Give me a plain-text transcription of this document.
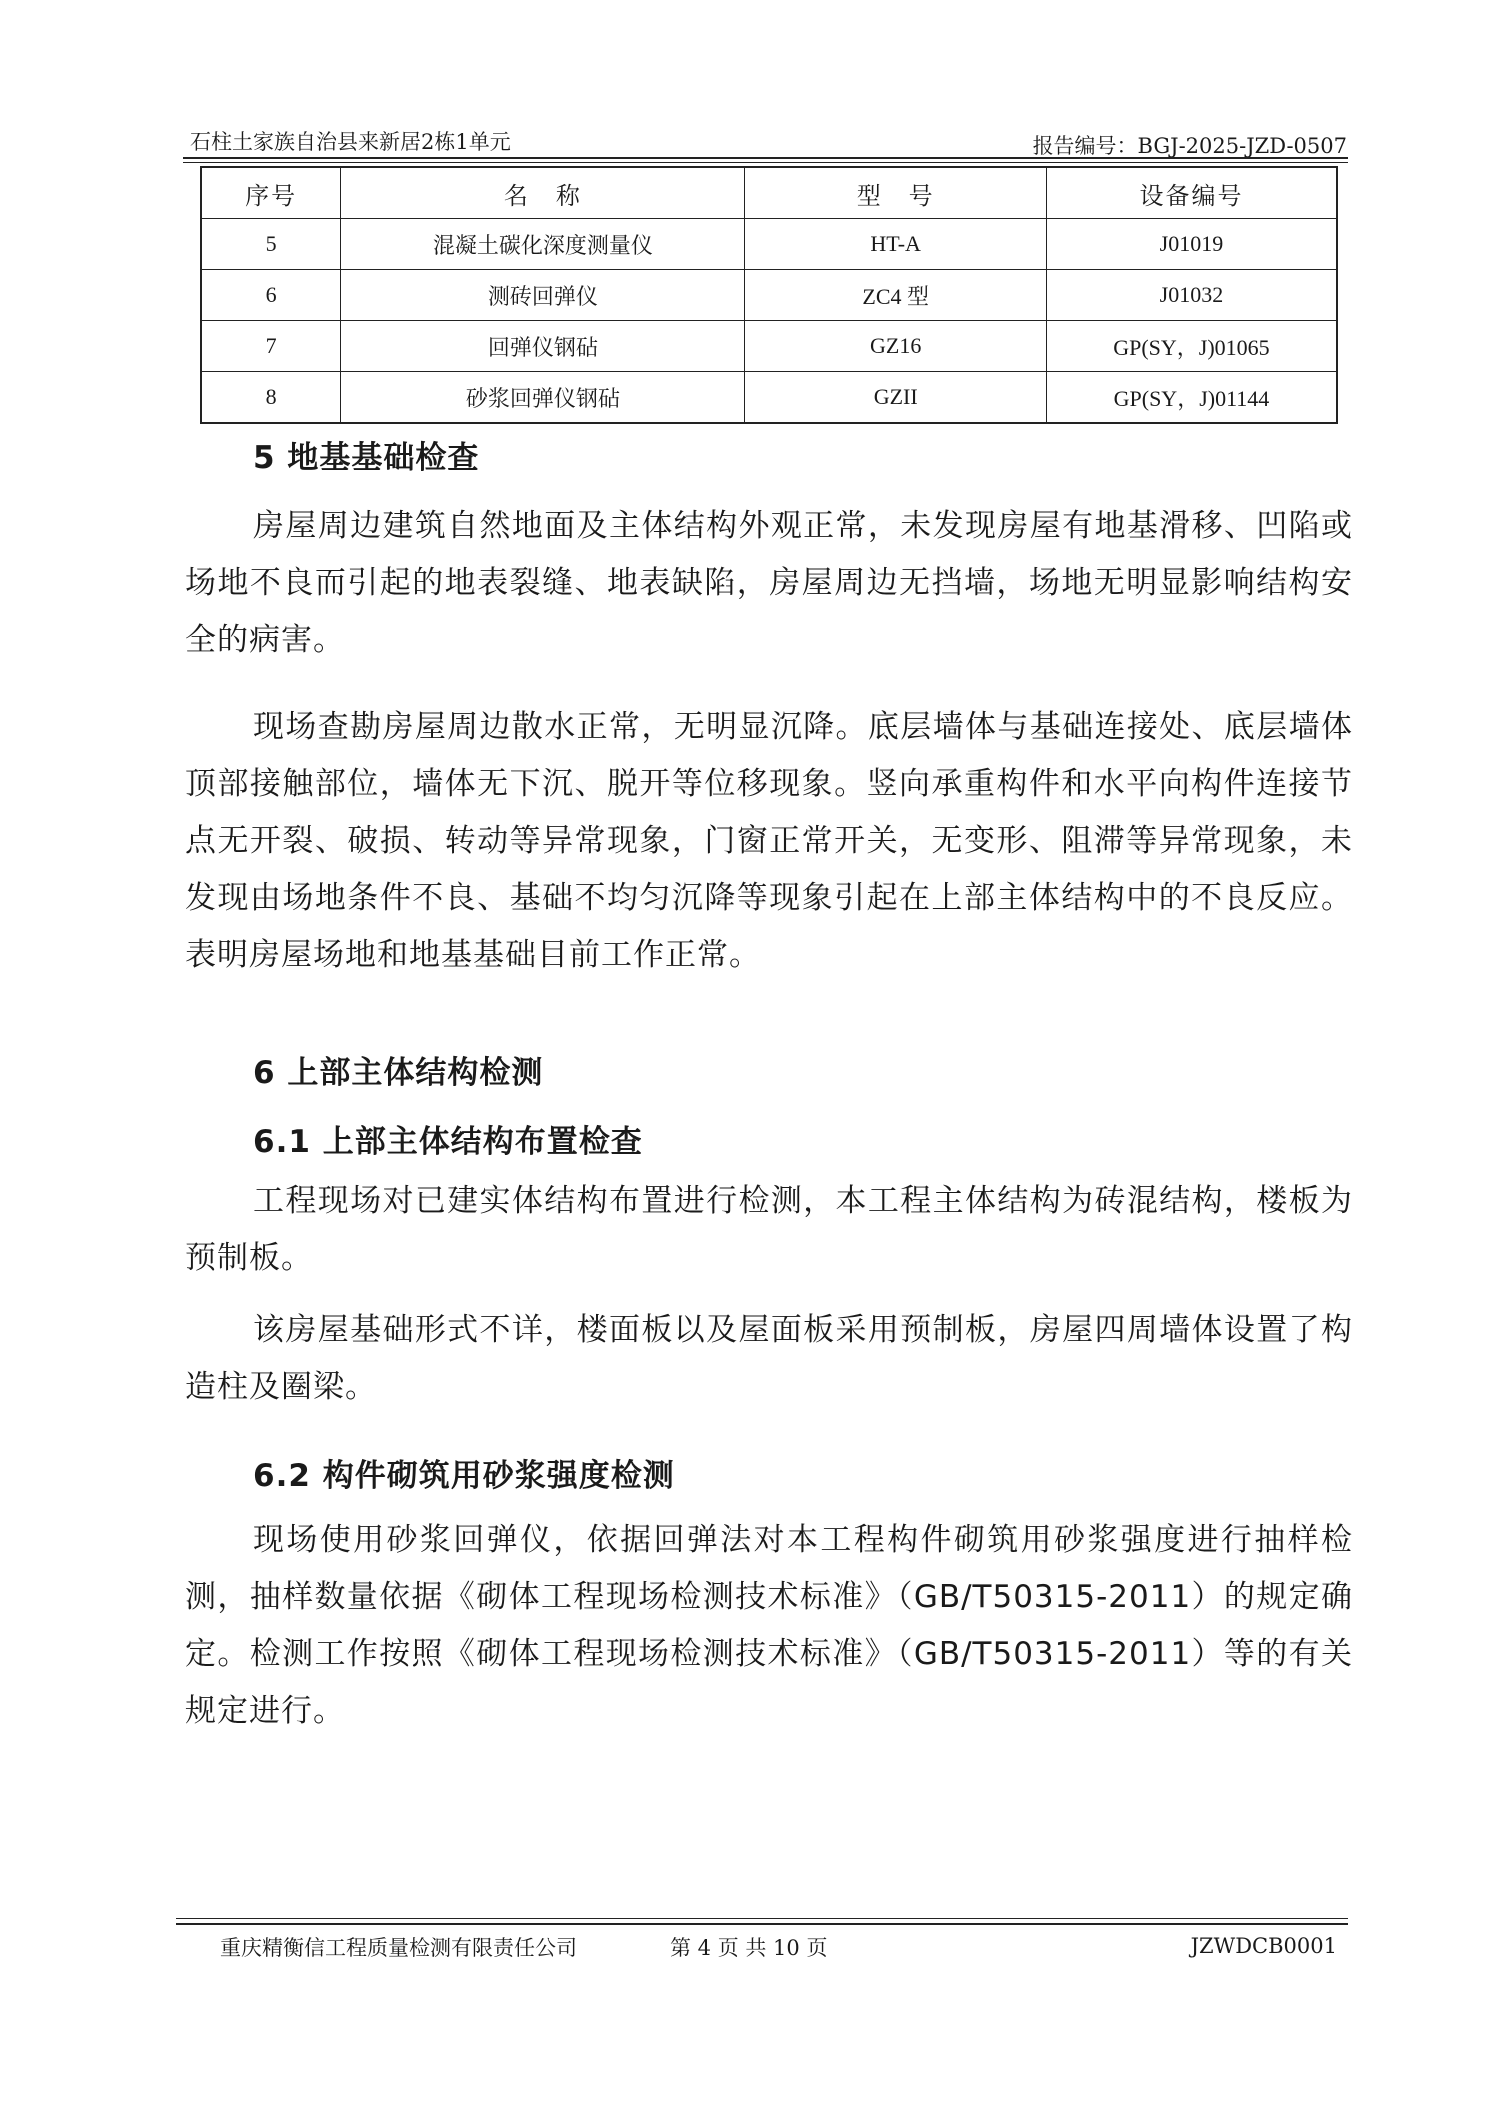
石柱土家族自治县来新居2栋1单元	报告编号：BGJ-2025-JZD-0507
序号	名　称	型　号	设备编号
5	混凝土碳化深度测量仪	HT-A	J01019
6	测砖回弹仪	ZC4 型	J01032
7	回弹仪钢砧	GZ16	GP(SY，J)01065
8	砂浆回弹仪钢砧	GZII	GP(SY，J)01144
5 地基基础检查

房屋周边建筑自然地面及主体结构外观正常，未发现房屋有地基滑移、凹陷或场地不良而引起的地表裂缝、地表缺陷，房屋周边无挡墙，场地无明显影响结构安全的病害。

现场查勘房屋周边散水正常，无明显沉降。底层墙体与基础连接处、底层墙体顶部接触部位，墙体无下沉、脱开等位移现象。竖向承重构件和水平向构件连接节点无开裂、破损、转动等异常现象，门窗正常开关，无变形、阻滞等异常现象，未发现由场地条件不良、基础不均匀沉降等现象引起在上部主体结构中的不良反应。表明房屋场地和地基基础目前工作正常。

6 上部主体结构检测
6.1 上部主体结构布置检查

工程现场对已建实体结构布置进行检测，本工程主体结构为砖混结构，楼板为预制板。

该房屋基础形式不详，楼面板以及屋面板采用预制板，房屋四周墙体设置了构造柱及圈梁。

6.2 构件砌筑用砂浆强度检测

现场使用砂浆回弹仪，依据回弹法对本工程构件砌筑用砂浆强度进行抽样检测，抽样数量依据《砌体工程现场检测技术标准》（GB/T50315-2011）的规定确定。检测工作按照《砌体工程现场检测技术标准》（GB/T50315-2011）等的有关规定进行。

重庆精衡信工程质量检测有限责任公司	第 4 页 共 10 页	JZWDCB0001
